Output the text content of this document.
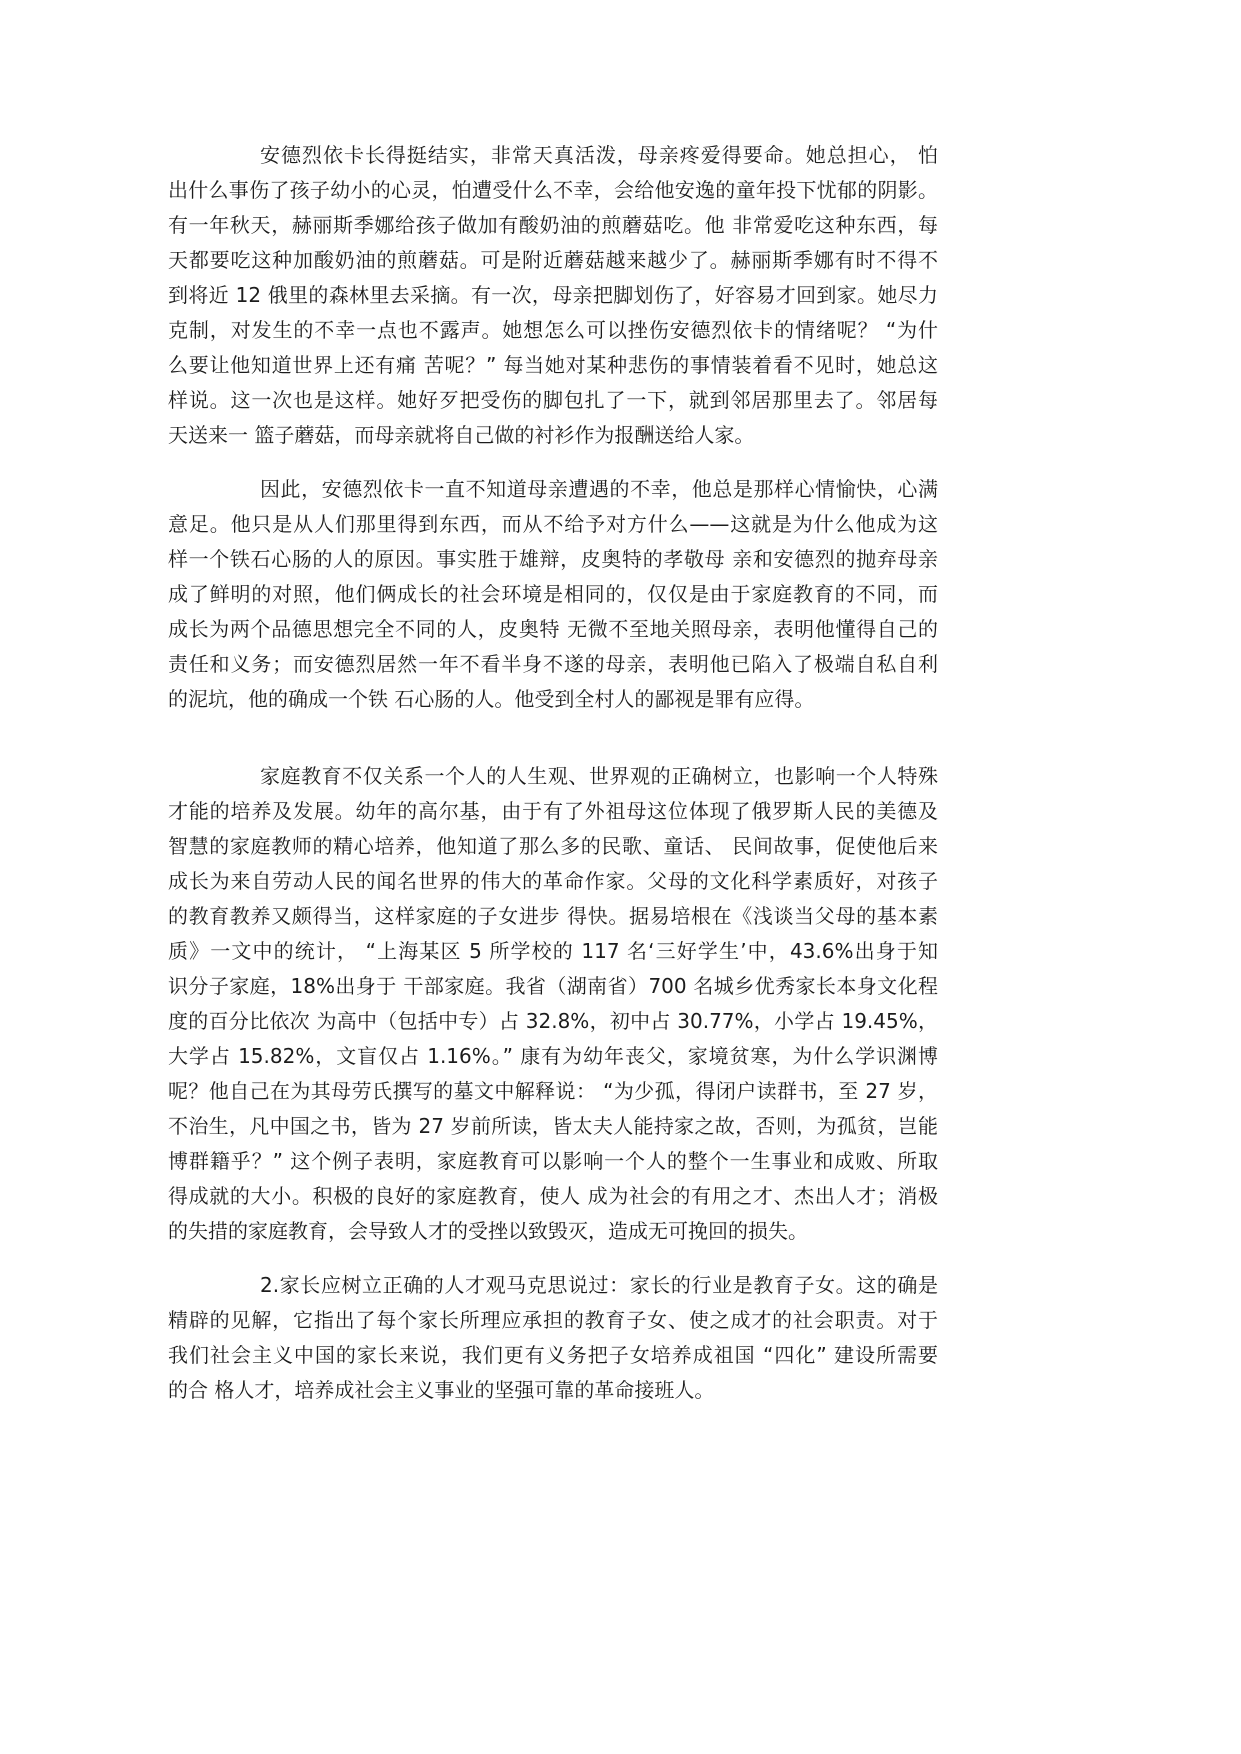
安德烈依卡长得挺结实，非常天真活泼，母亲疼爱得要命。她总担心， 怕
出什么事伤了孩子幼小的心灵，怕遭受什么不幸，会给他安逸的童年投下忧郁的阴影。
有一年秋天，赫丽斯季娜给孩子做加有酸奶油的煎蘑菇吃。他 非常爱吃这种东西，每
天都要吃这种加酸奶油的煎蘑菇。可是附近蘑菇越来越少了。赫丽斯季娜有时不得不
到将近 12 俄里的森林里去采摘。有一次，母亲把脚划伤了，好容易才回到家。她尽力
克制，对发生的不幸一点也不露声。她想怎么可以挫伤安德烈依卡的情绪呢？ “为什
么要让他知道世界上还有痛 苦呢？” 每当她对某种悲伤的事情装着看不见时，她总这
样说。这一次也是这样。她好歹把受伤的脚包扎了一下，就到邻居那里去了。邻居每
天送来一 篮子蘑菇，而母亲就将自己做的衬衫作为报酬送给人家。
因此，安德烈依卡一直不知道母亲遭遇的不幸，他总是那样心情愉快，心满
意足。他只是从人们那里得到东西，而从不给予对方什么——这就是为什么他成为这
样一个铁石心肠的人的原因。事实胜于雄辩，皮奥特的孝敬母 亲和安德烈的抛弃母亲
成了鲜明的对照，他们俩成长的社会环境是相同的，仅仅是由于家庭教育的不同，而
成长为两个品德思想完全不同的人，皮奥特 无微不至地关照母亲，表明他懂得自己的
责任和义务；而安德烈居然一年不看半身不遂的母亲，表明他已陷入了极端自私自利
的泥坑，他的确成一个铁 石心肠的人。他受到全村人的鄙视是罪有应得。
家庭教育不仅关系一个人的人生观、世界观的正确树立，也影响一个人特殊
才能的培养及发展。幼年的高尔基，由于有了外祖母这位体现了俄罗斯人民的美德及
智慧的家庭教师的精心培养，他知道了那么多的民歌、童话、 民间故事，促使他后来
成长为来自劳动人民的闻名世界的伟大的革命作家。父母的文化科学素质好，对孩子
的教育教养又颇得当，这样家庭的子女进步 得快。据易培根在《浅谈当父母的基本素
质》一文中的统计， “上海某区 5 所学校的 117 名‘三好学生’中，43.6%出身于知
识分子家庭，18%出身于 干部家庭。我省（湖南省）700 名城乡优秀家长本身文化程
度的百分比依次 为高中（包括中专）占 32.8%，初中占 30.77%，小学占 19.45%，
大学占 15.82%，文盲仅占 1.16%。” 康有为幼年丧父，家境贫寒，为什么学识渊博
呢？他自己在为其母劳氏撰写的墓文中解释说： “为少孤，得闭户读群书，至 27 岁，
不治生，凡中国之书，皆为 27 岁前所读，皆太夫人能持家之故，否则，为孤贫，岂能
博群籍乎？” 这个例子表明，家庭教育可以影响一个人的整个一生事业和成败、所取
得成就的大小。积极的良好的家庭教育，使人 成为社会的有用之才、杰出人才；消极
的失措的家庭教育，会导致人才的受挫以致毁灭，造成无可挽回的损失。
2.家长应树立正确的人才观马克思说过：家长的行业是教育子女。这的确是
精辟的见解，它指出了每个家长所理应承担的教育子女、使之成才的社会职责。对于
我们社会主义中国的家长来说，我们更有义务把子女培养成祖国 “四化” 建设所需要
的合 格人才，培养成社会主义事业的坚强可靠的革命接班人。
